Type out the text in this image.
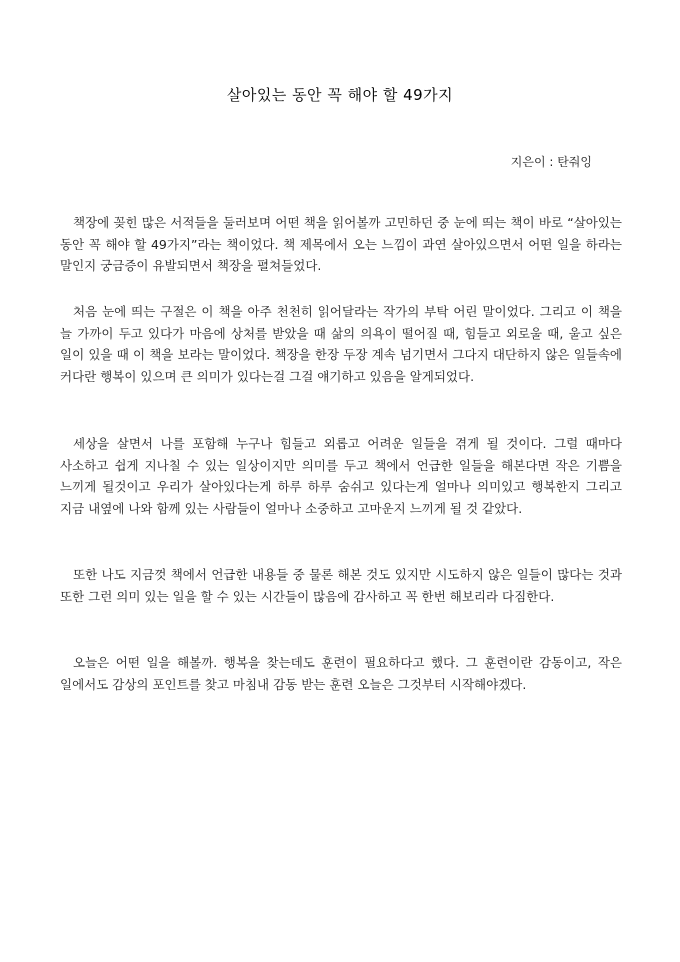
살아있는 동안 꼭 해야 할 49가지
지은이 : 탄줘잉

책장에 꽂힌 많은 서적들을 둘러보며 어떤 책을 읽어볼까 고민하던 중 눈에 띄는 책이 바로 “살아있는 동안 꼭 해야 할 49가지”라는 책이었다. 책 제목에서 오는 느낌이 과연 살아있으면서 어떤 일을 하라는 말인지 궁금증이 유발되면서 책장을 펼쳐들었다.

처음 눈에 띄는 구절은 이 책을 아주 천천히 읽어달라는 작가의 부탁 어린 말이었다. 그리고 이 책을 늘 가까이 두고 있다가 마음에 상처를 받았을 때 삶의 의욕이 떨어질 때, 힘들고 외로울 때, 울고 싶은 일이 있을 때 이 책을 보라는 말이었다. 책장을 한장 두장 계속 넘기면서 그다지 대단하지 않은 일들속에 커다란 행복이 있으며 큰 의미가 있다는걸 그걸 얘기하고 있음을 알게되었다.

세상을 살면서 나를 포함해 누구나 힘들고 외롭고 어려운 일들을 겪게 될 것이다. 그럴 때마다 사소하고 쉽게 지나칠 수 있는 일상이지만 의미를 두고 책에서 언급한 일들을 해본다면 작은 기쁨을 느끼게 될것이고 우리가 살아있다는게 하루 하루 숨쉬고 있다는게 얼마나 의미있고 행복한지 그리고 지금 내옆에 나와 함께 있는 사람들이 얼마나 소중하고 고마운지 느끼게 될 것 같았다.

또한 나도 지금껏 책에서 언급한 내용들 중 물론 해본 것도 있지만 시도하지 않은 일들이 많다는 것과 또한 그런 의미 있는 일을 할 수 있는 시간들이 많음에 감사하고 꼭 한번 해보리라 다짐한다.

오늘은 어떤 일을 해볼까. 행복을 찾는데도 훈련이 필요하다고 했다. 그 훈련이란 감동이고, 작은 일에서도 감상의 포인트를 찾고 마침내 감동 받는 훈련 오늘은 그것부터 시작해야겠다.
